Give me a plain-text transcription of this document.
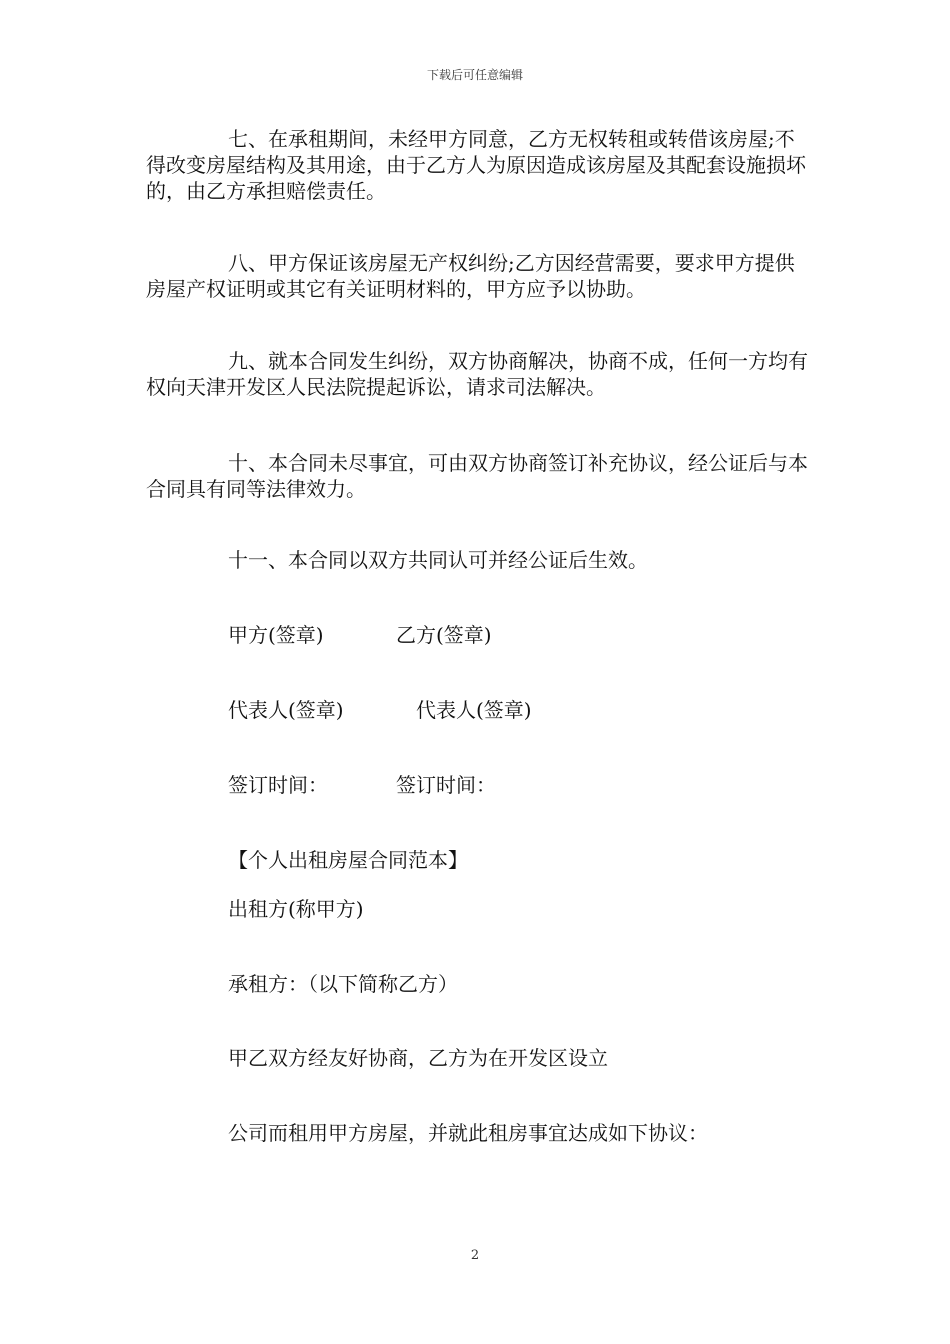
下载后可任意编辑
七、在承租期间，未经甲方同意，乙方无权转租或转借该房屋;不得改变房屋结构及其用途，由于乙方人为原因造成该房屋及其配套设施损坏的，由乙方承担赔偿责任。
八、甲方保证该房屋无产权纠纷;乙方因经营需要，要求甲方提供房屋产权证明或其它有关证明材料的，甲方应予以协助。
九、就本合同发生纠纷，双方协商解决，协商不成，任何一方均有权向天津开发区人民法院提起诉讼，请求司法解决。
十、本合同未尽事宜，可由双方协商签订补充协议，经公证后与本合同具有同等法律效力。
十一、本合同以双方共同认可并经公证后生效。
甲方(签章)	乙方(签章)
代表人(签章)	代表人(签章)
签订时间：	签订时间：
【个人出租房屋合同范本】
出租方(称甲方)
承租方：（以下简称乙方）
甲乙双方经友好协商，乙方为在开发区设立
公司而租用甲方房屋，并就此租房事宜达成如下协议：
2
